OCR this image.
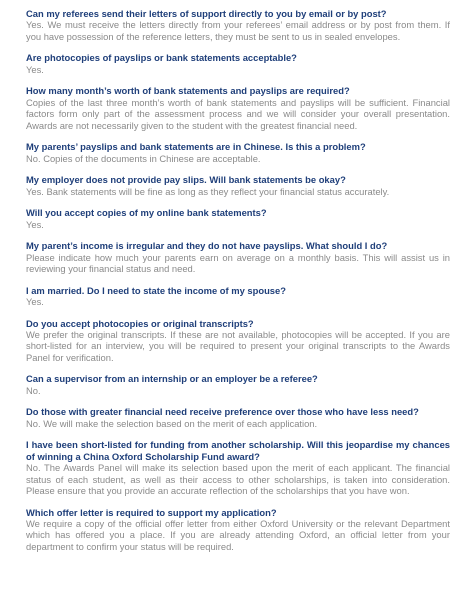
Can my referees send their letters of support directly to you by email or by post?

Yes. We must receive the letters directly from your referees’ email address or by post from them. If you have possession of the reference letters, they must be sent to us in sealed envelopes.

Are photocopies of payslips or bank statements acceptable?

Yes.

How many month’s worth of bank statements and payslips are required?

Copies of the last three month’s worth of bank statements and payslips will be sufficient. Financial factors form only part of the assessment process and we will consider your overall presentation. Awards are not necessarily given to the student with the greatest financial need.

My parents’ payslips and bank statements are in Chinese. Is this a problem?

No. Copies of the documents in Chinese are acceptable.

My employer does not provide pay slips. Will bank statements be okay?

Yes. Bank statements will be fine as long as they reflect your financial status accurately.

Will you accept copies of my online bank statements?

Yes.

My parent’s income is irregular and they do not have payslips. What should I do?

Please indicate how much your parents earn on average on a monthly basis. This will assist us in reviewing your financial status and need.

I am married. Do I need to state the income of my spouse?

Yes.

Do you accept photocopies or original transcripts?

We prefer the original transcripts. If these are not available, photocopies will be accepted. If you are short-listed for an interview, you will be required to present your original transcripts to the Awards Panel for verification.

Can a supervisor from an internship or an employer be a referee?

No.

Do those with greater financial need receive preference over those who have less need?

No. We will make the selection based on the merit of each application.

I have been short-listed for funding from another scholarship. Will this jeopardise my chances of winning a China Oxford Scholarship Fund award?

No. The Awards Panel will make its selection based upon the merit of each applicant. The financial status of each student, as well as their access to other scholarships, is taken into consideration. Please ensure that you provide an accurate reflection of the scholarships that you have won.

Which offer letter is required to support my application?

We require a copy of the official offer letter from either Oxford University or the relevant Department which has offered you a place. If you are already attending Oxford, an official letter from your department to confirm your status will be required.
